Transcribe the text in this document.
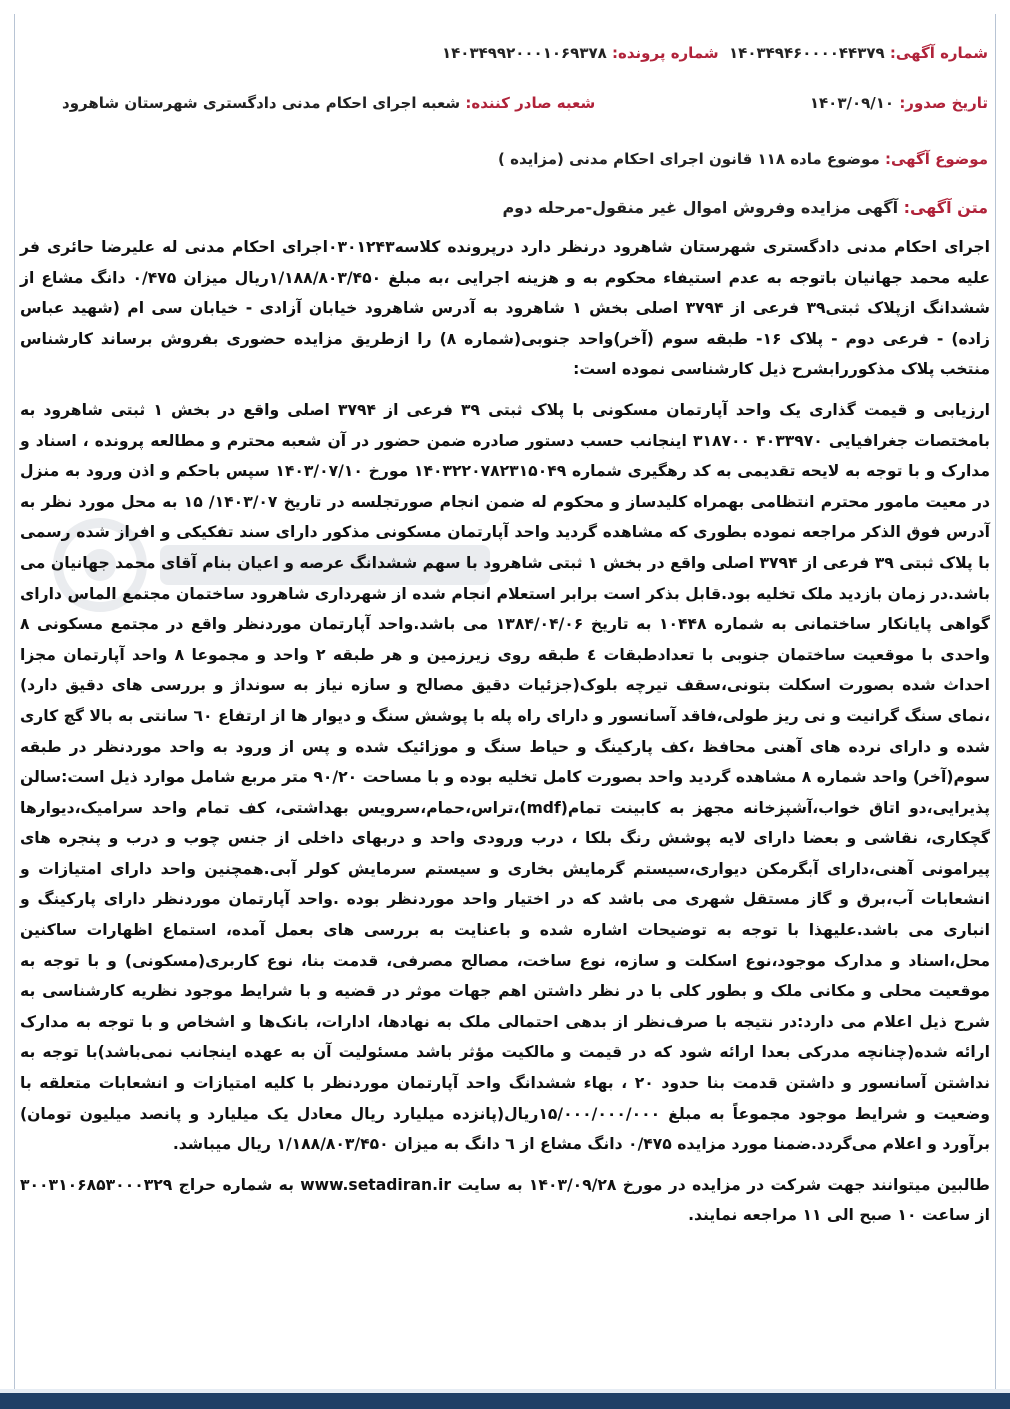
شماره آگهی: ۱۴۰۳۴۹۴۶۰۰۰۰۴۴۳۷۹
شماره پرونده: ۱۴۰۳۴۹۹۲۰۰۰۱۰۶۹۳۷۸
تاریخ صدور: ۱۴۰۳/۰۹/۱۰
شعبه صادر کننده: شعبه اجرای احکام مدنی دادگستری شهرستان شاهرود
موضوع آگهی: موضوع ماده ۱۱۸ قانون اجرای احکام مدنی (مزایده )
متن آگهی: آگهی مزایده وفروش اموال غیر منقول-مرحله دوم

اجرای احکام مدنی دادگستری شهرستان شاهرود درنظر دارد درپرونده کلاسه۰۳۰۱۲۴۳اجرای احکام مدنی له علیرضا حائری فر علیه محمد جهانیان باتوجه به عدم استیفاء محکوم به و هزینه اجرایی ،به مبلغ ۱/۱۸۸/۸۰۳/۴۵۰ریال میزان ۰/۴۷۵ دانگ مشاع از ششدانگ ازپلاک ثبتی۳۹ فرعی از ۳۷۹۴ اصلی بخش ۱ شاهرود به آدرس شاهرود خیابان آزادی - خیابان سی ام (شهید عباس زاده) - فرعی دوم - پلاک ۱۶- طبقه سوم (آخر)واحد جنوبی(شماره ۸) را ازطریق مزایده حضوری بفروش برساند کارشناس منتخب پلاک مذکوررابشرح ذیل کارشناسی نموده است:

ارزیابی و قیمت گذاری یک واحد آپارتمان مسکونی با پلاک ثبتی ۳۹ فرعی از ۳۷۹۴ اصلی واقع در بخش ۱ ثبتی شاهرود به بامختصات جغرافیایی ۴۰۳۳۹۷۰ ۳۱۸۷۰۰ اینجانب حسب دستور صادره ضمن حضور در آن شعبه محترم و مطالعه پرونده ، اسناد و مدارک و با توجه به لایحه تقدیمی به کد رهگیری شماره ۱۴۰۳۲۲۰۷۸۲۳۱۵۰۴۹ مورخ ۱۴۰۳/۰۷/۱۰ سپس باحکم و اذن ورود به منزل در معیت مامور محترم انتظامی بهمراه کلیدساز و محکوم له ضمن انجام صورتجلسه در تاریخ ۱۴۰۳/۰۷/ ۱۵ به محل مورد نظر به آدرس فوق الذکر مراجعه نموده بطوری که مشاهده گردید واحد آپارتمان مسکونی مذکور دارای سند تفکیکی و افراز شده رسمی با پلاک ثبتی ۳۹ فرعی از ۳۷۹۴ اصلی واقع در بخش ۱ ثبتی شاهرود با سهم ششدانگ عرصه و اعیان بنام آقای محمد جهانیان می باشد.در زمان بازدید ملک تخلیه بود.قابل بذکر است برابر استعلام انجام شده از شهرداری شاهرود ساختمان مجتمع الماس دارای گواهی پایانکار ساختمانی به شماره ۱۰۴۴۸ به تاریخ ۱۳۸۴/۰۴/۰۶ می باشد.واحد آپارتمان موردنظر واقع در مجتمع مسکونی ۸ واحدی با موقعیت ساختمان جنوبی با تعدادطبقات ٤ طبقه روی زیرزمین و هر طبقه ۲ واحد و مجموعا ۸ واحد آپارتمان مجزا احداث شده بصورت اسکلت بتونی،سقف تیرچه بلوک(جزئیات دقیق مصالح و سازه نیاز به سونداژ و بررسی های دقیق دارد) ،نمای سنگ گرانیت و نی ریز طولی،فاقد آسانسور و دارای راه پله با پوشش سنگ و دیوار ها از ارتفاع ٦۰ سانتی به بالا گچ کاری شده و دارای نرده های آهنی محافظ ،کف پارکینگ و حیاط سنگ و موزائیک شده و پس از ورود به واحد موردنظر در طبقه سوم(آخر) واحد شماره ۸ مشاهده گردید واحد بصورت کامل تخلیه بوده و با مساحت ۹۰/۲۰ متر مربع شامل موارد ذیل است:سالن پذیرایی،دو اتاق خواب،آشپزخانه مجهز به کابینت تمام(mdf)،تراس،حمام،سرویس بهداشتی، کف تمام واحد سرامیک،دیوارها گچکاری، نقاشی و بعضا دارای لایه پوشش رنگ بلکا ، درب ورودی واحد و دربهای داخلی از جنس چوب و درب و پنجره های پیرامونی آهنی،دارای آبگرمکن دیواری،سیستم گرمایش بخاری و سیستم سرمایش کولر آبی.همچنین واحد دارای امتیازات و انشعابات آب،برق و گاز مستقل شهری می باشد که در اختیار واحد موردنظر بوده .واحد آپارتمان موردنظر دارای پارکینگ و انباری می باشد.علیهذا با توجه به توضیحات اشاره شده و باعنایت به بررسی های بعمل آمده، استماع اظهارات ساکنین محل،اسناد و مدارک موجود،نوع اسکلت و سازه، نوع ساخت، مصالح مصرفی، قدمت بنا، نوع کاربری(مسکونی) و با توجه به موقعیت محلی و مکانی ملک و بطور کلی با در نظر داشتن اهم جهات موثر در قضیه و با شرایط موجود نظریه کارشناسی به شرح ذیل اعلام می دارد:در نتیجه با صرف‌نظر از بدهی احتمالی ملک به نهادها، ادارات، بانک‌ها و اشخاص و با توجه به مدارک ارائه شده(چنانچه مدرکی بعدا ارائه شود که در قیمت و مالکیت مؤثر باشد مسئولیت آن به عهده اینجانب نمی‌باشد)با توجه به نداشتن آسانسور و داشتن قدمت بنا حدود ۲۰ ، بهاء ششدانگ واحد آپارتمان موردنظر با کلیه امتیازات و انشعابات متعلقه با وضعیت و شرایط موجود مجموعاً به مبلغ ۱۵/۰۰۰/۰۰۰/۰۰۰ریال(پانزده میلیارد ریال معادل یک میلیارد و پانصد میلیون تومان) برآورد و اعلام می‌گردد.ضمنا مورد مزایده ۰/۴۷۵ دانگ مشاع از ٦ دانگ به میزان ۱/۱۸۸/۸۰۳/۴۵۰ ریال میباشد.

طالبین میتوانند جهت شرکت در مزایده در مورخ ۱۴۰۳/۰۹/۲۸ به سایت www.setadiran.ir به شماره حراج ۳۰۰۳۱۰۶۸۵۳۰۰۰۳۲۹ از ساعت ۱۰ صبح الی ۱۱ مراجعه نمایند.
